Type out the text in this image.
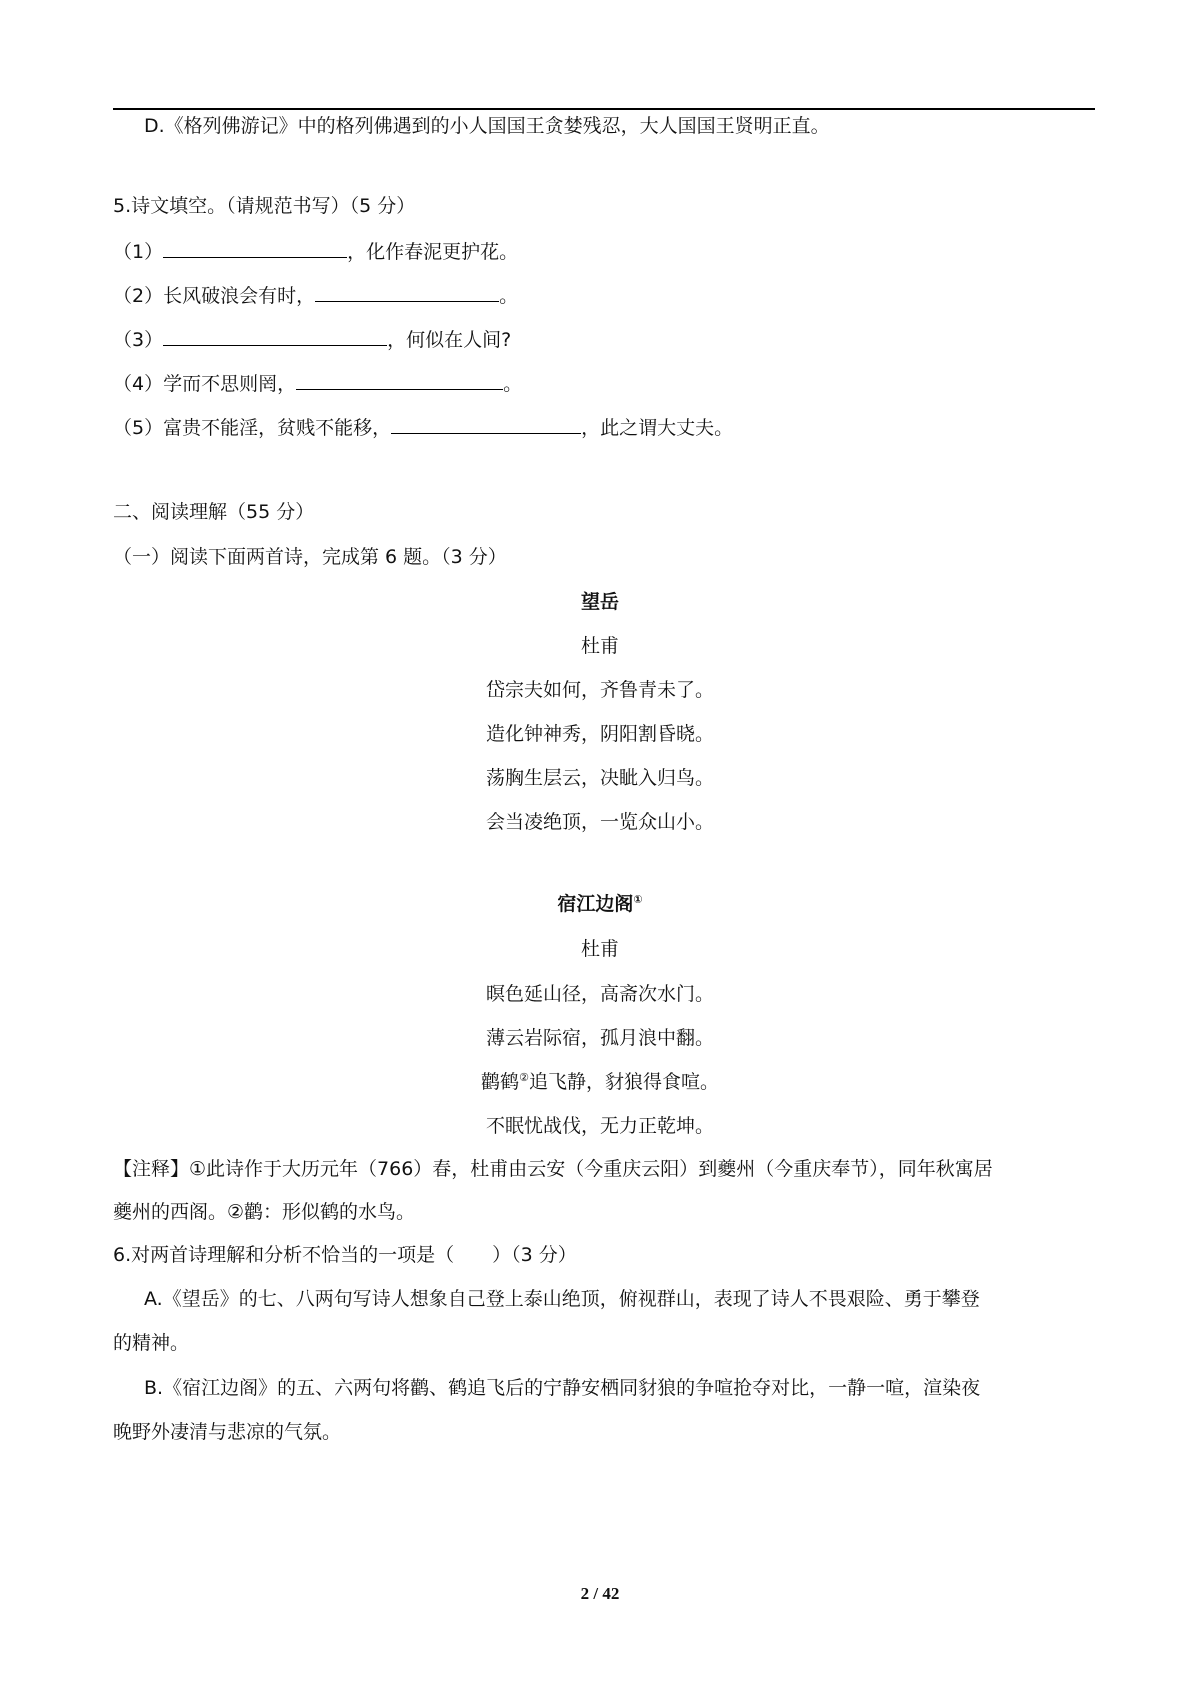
D.《格列佛游记》中的格列佛遇到的小人国国王贪婪残忍，大人国国王贤明正直。
5.诗文填空。（请规范书写）（5 分）
（1）	，化作春泥更护花。
（2）长风破浪会有时，	。
（3）	，何似在人间?
（4）学而不思则罔，	。
（5）富贵不能淫，贫贱不能移，	，此之谓大丈夫。
二、阅读理解（55 分）
（一）阅读下面两首诗，完成第 6 题。（3 分）
望岳
杜甫
岱宗夫如何，齐鲁青未了。
造化钟神秀，阴阳割昏晓。
荡胸生层云，决眦入归鸟。
会当凌绝顶，一览众山小。
宿江边阁①
杜甫
暝色延山径，高斋次水门。
薄云岩际宿，孤月浪中翻。
鹳鹤②追飞静，豺狼得食喧。
不眠忧战伐，无力正乾坤。
【注释】①此诗作于大历元年（766）春，杜甫由云安（今重庆云阳）到夔州（今重庆奉节），同年秋寓居
夔州的西阁。②鹳：形似鹤的水鸟。
6.对两首诗理解和分析不恰当的一项是（　　）（3 分）
A.《望岳》的七、八两句写诗人想象自己登上泰山绝顶，俯视群山，表现了诗人不畏艰险、勇于攀登
的精神。
B.《宿江边阁》的五、六两句将鹳、鹤追飞后的宁静安栖同豺狼的争喧抢夺对比，一静一喧，渲染夜
晚野外凄清与悲凉的气氛。
2 / 42
